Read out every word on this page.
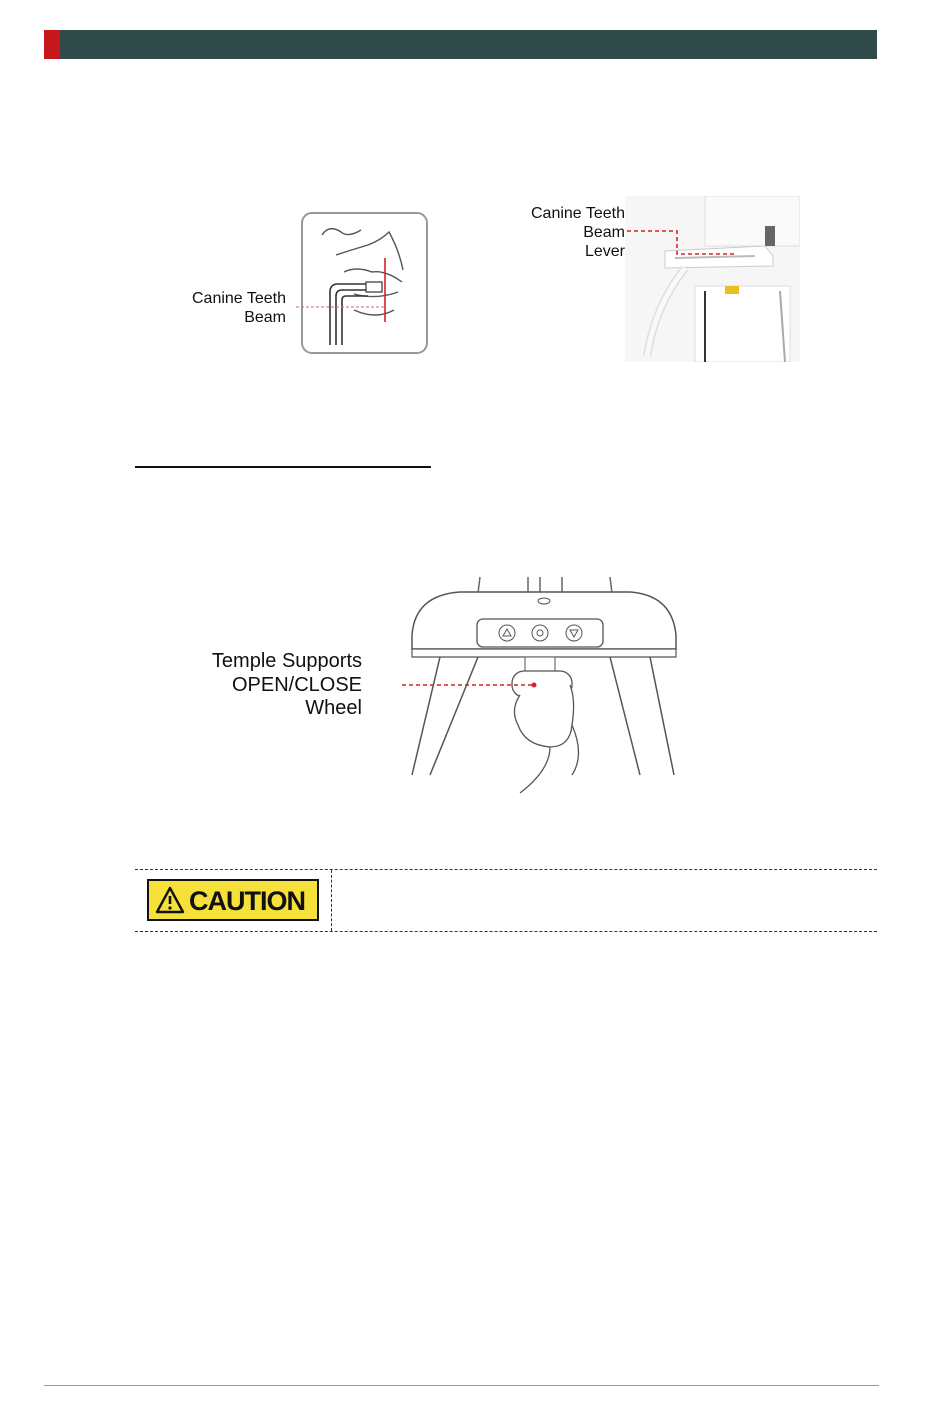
Canine Teeth
Beam
Canine Teeth
Beam
Lever
Temple Supports
OPEN/CLOSE
Wheel
CAUTION
